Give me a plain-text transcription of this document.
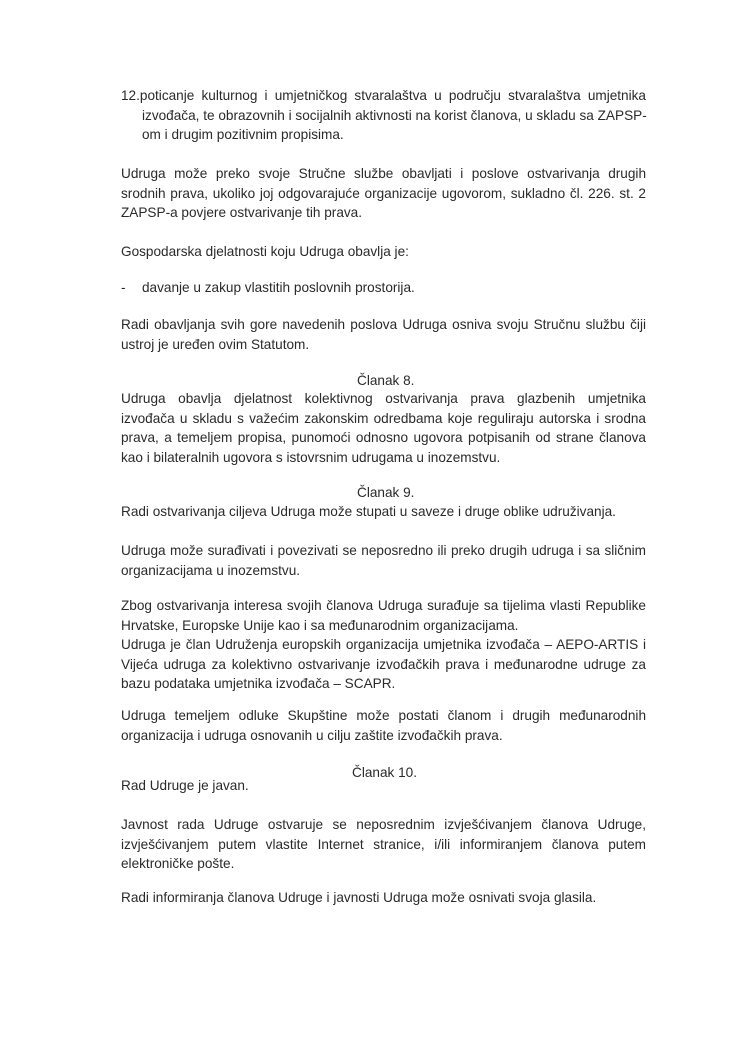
12.poticanje kulturnog i umjetničkog stvaralaštva u području stvaralaštva umjetnika
izvođača, te obrazovnih i socijalnih aktivnosti na korist članova, u skladu sa ZAPSP-
om i drugim pozitivnim propisima.
Udruga može preko svoje Stručne službe obavljati i poslove ostvarivanja drugih
srodnih prava, ukoliko joj odgovarajuće organizacije ugovorom, sukladno čl. 226. st. 2
ZAPSP-a povjere ostvarivanje tih prava.
Gospodarska djelatnosti koju Udruga obavlja je:
- davanje u zakup vlastitih poslovnih prostorija.
Radi obavljanja svih gore navedenih poslova Udruga osniva svoju Stručnu službu čiji
ustroj je uređen ovim Statutom.
Članak 8.
Udruga obavlja djelatnost kolektivnog ostvarivanja prava glazbenih umjetnika
izvođača u skladu s važećim zakonskim odredbama koje reguliraju autorska i srodna
prava, a temeljem propisa, punomoći odnosno ugovora potpisanih od strane članova
kao i bilateralnih ugovora s istovrsnim udrugama u inozemstvu.
Članak 9.
Radi ostvarivanja ciljeva Udruga može stupati u saveze i druge oblike udruživanja.
Udruga može surađivati i povezivati se neposredno ili preko drugih udruga i sa sličnim
organizacijama u inozemstvu.
Zbog ostvarivanja interesa svojih članova Udruga surađuje sa tijelima vlasti Republike
Hrvatske, Europske Unije kao i sa međunarodnim organizacijama.
Udruga je član Udruženja europskih organizacija umjetnika izvođača – AEPO-ARTIS i
Vijeća udruga za kolektivno ostvarivanje izvođačkih prava i međunarodne udruge za
bazu podataka umjetnika izvođača – SCAPR.
Udruga temeljem odluke Skupštine može postati članom i drugih međunarodnih
organizacija i udruga osnovanih u cilju zaštite izvođačkih prava.
Članak 10.
Rad Udruge je javan.
Javnost rada Udruge ostvaruje se neposrednim izvješćivanjem članova Udruge,
izvješćivanjem putem vlastite Internet stranice, i/ili informiranjem članova putem
elektroničke pošte.
Radi informiranja članova Udruge i javnosti Udruga može osnivati svoja glasila.
